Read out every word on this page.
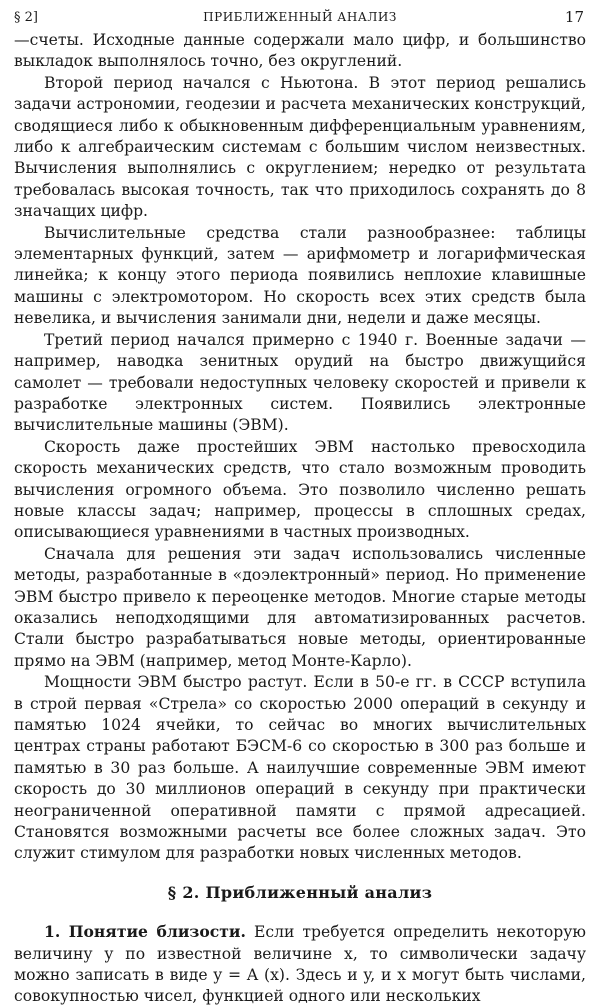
§ 2]	ПРИБЛИЖЕННЫЙ АНАЛИЗ	17

—счеты. Исходные данные содержали мало цифр, и большинство выкладок выполнялось точно, без округлений.

Второй период начался с Ньютона. В этот период решались задачи астрономии, геодезии и расчета механических конструкций, сводящиеся либо к обыкновенным дифференциальным уравнениям, либо к алгебраическим системам с большим числом неизвестных. Вычисления выполнялись с округлением; нередко от результата требовалась высокая точность, так что приходилось сохранять до 8 значащих цифр.

Вычислительные средства стали разнообразнее: таблицы элементарных функций, затем — арифмометр и логарифмическая линейка; к концу этого периода появились неплохие клавишные машины с электромотором. Но скорость всех этих средств была невелика, и вычисления занимали дни, недели и даже месяцы.

Третий период начался примерно с 1940 г. Военные задачи — например, наводка зенитных орудий на быстро движущийся самолет — требовали недоступных человеку скоростей и привели к разработке электронных систем. Появились электронные вычислительные машины (ЭВМ).

Скорость даже простейших ЭВМ настолько превосходила скорость механических средств, что стало возможным проводить вычисления огромного объема. Это позволило численно решать новые классы задач; например, процессы в сплошных средах, описывающиеся уравнениями в частных производных.

Сначала для решения эти задач использовались численные методы, разработанные в «доэлектронный» период. Но применение ЭВМ быстро привело к переоценке методов. Многие старые методы оказались неподходящими для автоматизированных расчетов. Стали быстро разрабатываться новые методы, ориентированные прямо на ЭВМ (например, метод Монте-Карло).

Мощности ЭВМ быстро растут. Если в 50-е гг. в СССР вступила в строй первая «Стрела» со скоростью 2000 операций в секунду и памятью 1024 ячейки, то сейчас во многих вычислительных центрах страны работают БЭСМ-6 со скоростью в 300 раз больше и памятью в 30 раз больше. А наилучшие современные ЭВМ имеют скорость до 30 миллионов операций в секунду при практически неограниченной оперативной памяти с прямой адресацией. Становятся возможными расчеты все более сложных задач. Это служит стимулом для разработки новых численных методов.

§ 2. Приближенный анализ

1. Понятие близости. Если требуется определить некоторую величину y по известной величине x, то символически задачу можно записать в виде y = A (x). Здесь и y, и x могут быть числами, совокупностью чисел, функцией одного или нескольких
